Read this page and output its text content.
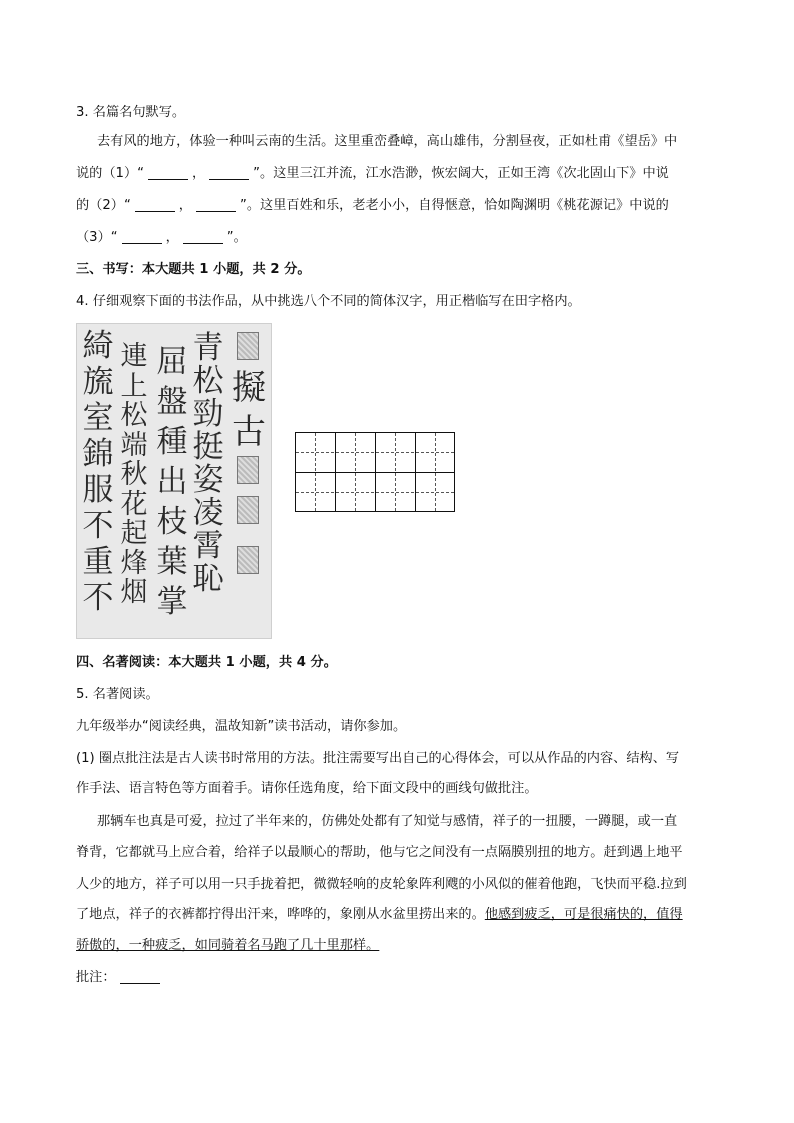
3. 名篇名句默写。
去有风的地方，体验一种叫云南的生活。这里重峦叠嶂，高山雄伟，分割昼夜，正如杜甫《望岳》中
说的（1）“	，	”。这里三江并流，江水浩渺，恢宏阔大，正如王湾《次北固山下》中说
的（2）“	，	”。这里百姓和乐，老老小小，自得惬意，恰如陶渊明《桃花源记》中说的
（3）“	，	”。
三、书写：本大题共 1 小题，共 2 分。
4. 仔细观察下面的书法作品，从中挑选八个不同的简体汉字，用正楷临写在田字格内。
擬
古
青
松
勁
挺
姿
凌
霄
恥
屈
盤
種
出
枝
葉
掌
連
上
松
端
秋
花
起
烽
烟
綺
旒
室
錦
服
不
重
不
四、名著阅读：本大题共 1 小题，共 4 分。
5. 名著阅读。
九年级举办“阅读经典，温故知新”读书活动，请你参加。
(1) 圈点批注法是古人读书时常用的方法。批注需要写出自己的心得体会，可以从作品的内容、结构、写
作手法、语言特色等方面着手。请你任选角度，给下面文段中的画线句做批注。
那辆车也真是可爱，拉过了半年来的，仿佛处处都有了知觉与感情，祥子的一扭腰，一蹲腿，或一直
脊背，它都就马上应合着，给祥子以最顺心的帮助，他与它之间没有一点隔膜别扭的地方。赶到遇上地平
人少的地方，祥子可以用一只手拢着把，微微轻响的皮轮象阵利飕的小风似的催着他跑，飞快而平稳.拉到
了地点，祥子的衣裤都拧得出汗来，哗哗的，象刚从水盆里捞出来的。他感到疲乏，可是很痛快的，值得
骄傲的，一种疲乏，如同骑着名马跑了几十里那样。
批注：
